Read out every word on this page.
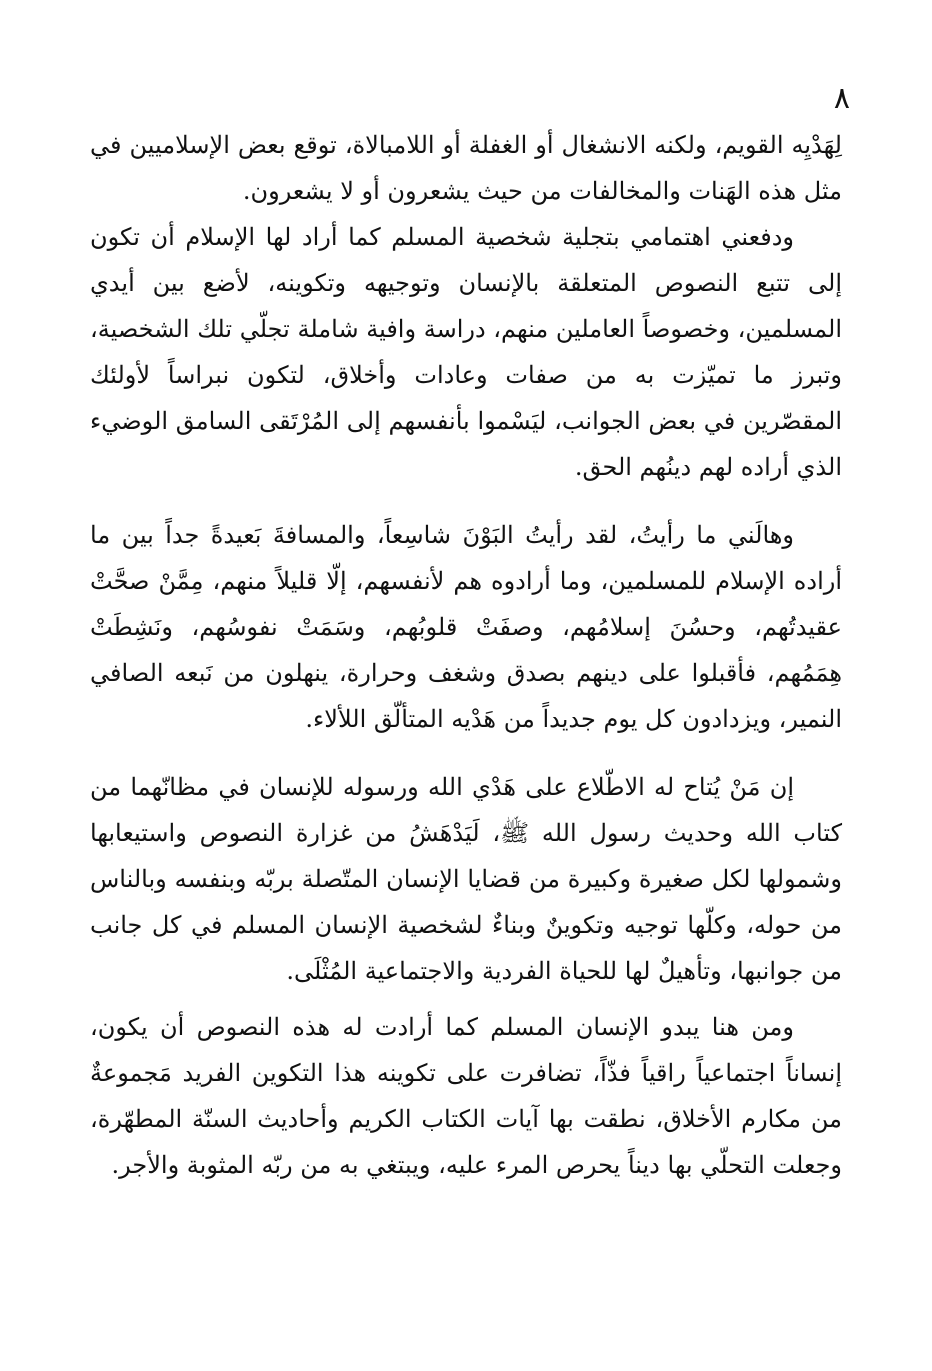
٨

لِهَدْيِه القويم، ولكنه الانشغال أو الغفلة أو اللامبالاة، توقع بعض الإسلاميين في مثل هذه الهَنات والمخالفات من حيث يشعرون أو لا يشعرون.

ودفعني اهتمامي بتجلية شخصية المسلم كما أراد لها الإسلام أن تكون إلى تتبع النصوص المتعلقة بالإنسان وتوجيهه وتكوينه، لأضع بين أيدي المسلمين، وخصوصاً العاملين منهم، دراسة وافية شاملة تجلّي تلك الشخصية، وتبرز ما تميّزت به من صفات وعادات وأخلاق، لتكون نبراساً لأولئك المقصّرين في بعض الجوانب، ليَسْموا بأنفسهم إلى المُرْتَقى السامق الوضيء الذي أراده لهم دينُهم الحق.

وهالَني ما رأيتُ، لقد رأيتُ البَوْنَ شاسِعاً، والمسافةَ بَعيدةً جداً بين ما أراده الإسلام للمسلمين، وما أرادوه هم لأنفسهم، إلّا قليلاً منهم، مِمَّنْ صحَّتْ عقيدتُهم، وحسُنَ إسلامُهم، وصفَتْ قلوبُهم، وسَمَتْ نفوسُهم، ونَشِطَتْ هِمَمُهم، فأقبلوا على دينهم بصدق وشغف وحرارة، ينهلون من نَبعه الصافي النمير، ويزدادون كل يوم جديداً من هَدْيه المتألّق اللألاء.

إن مَنْ يُتاح له الاطّلاع على هَدْي الله ورسوله للإنسان في مظانّهما من كتاب الله وحديث رسول الله ﷺ، لَيَدْهَشُ من غزارة النصوص واستيعابها وشمولها لكل صغيرة وكبيرة من قضايا الإنسان المتّصلة بربّه وبنفسه وبالناس من حوله، وكلّها توجيه وتكوينٌ وبناءٌ لشخصية الإنسان المسلم في كل جانب من جوانبها، وتأهيلٌ لها للحياة الفردية والاجتماعية المُثْلَى.

ومن هنا يبدو الإنسان المسلم كما أرادت له هذه النصوص أن يكون، إنساناً اجتماعياً راقياً فذّاً، تضافرت على تكوينه هذا التكوين الفريد مَجموعةٌ من مكارم الأخلاق، نطقت بها آيات الكتاب الكريم وأحاديث السنّة المطهّرة، وجعلت التحلّي بها ديناً يحرص المرء عليه، ويبتغي به من ربّه المثوبة والأجر.
